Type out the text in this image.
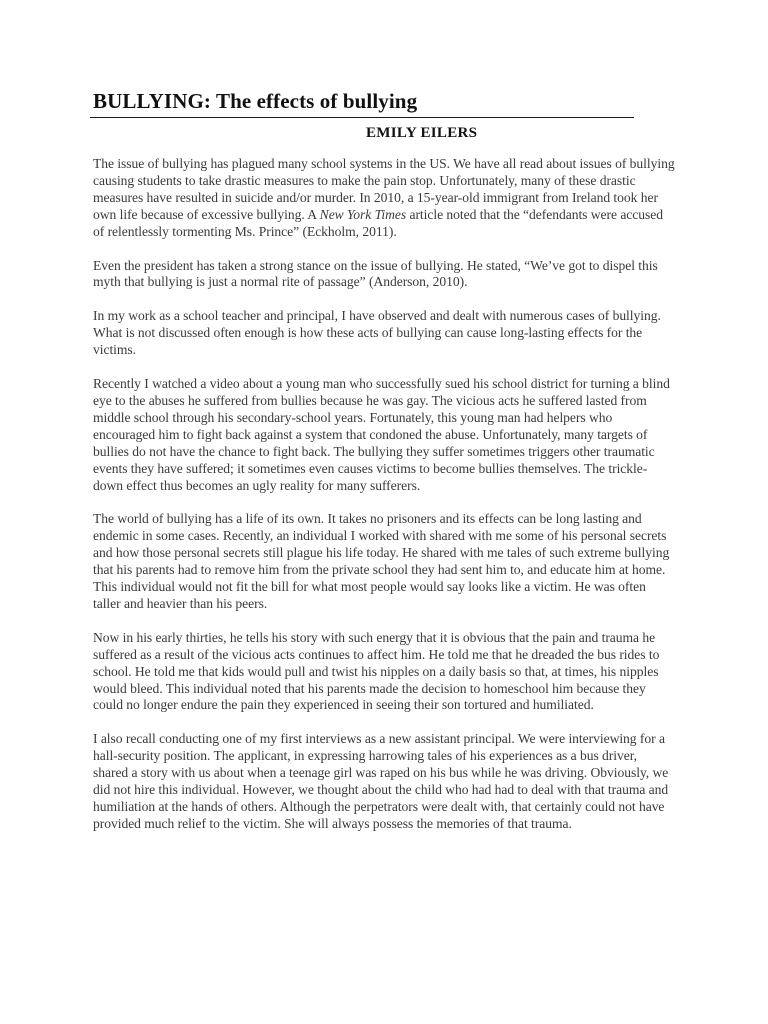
BULLYING: The effects of bullying
EMILY EILERS

The issue of bullying has plagued many school systems in the US. We have all read about issues of bullying causing students to take drastic measures to make the pain stop. Unfortunately, many of these drastic measures have resulted in suicide and/or murder. In 2010, a 15-year-old immigrant from Ireland took her own life because of excessive bullying. A New York Times article noted that the “defendants were accused of relentlessly tormenting Ms. Prince” (Eckholm, 2011).

Even the president has taken a strong stance on the issue of bullying. He stated, “We’ve got to dispel this myth that bullying is just a normal rite of passage” (Anderson, 2010).

In my work as a school teacher and principal, I have observed and dealt with numerous cases of bullying. What is not discussed often enough is how these acts of bullying can cause long-lasting effects for the victims.

Recently I watched a video about a young man who successfully sued his school district for turning a blind eye to the abuses he suffered from bullies because he was gay. The vicious acts he suffered lasted from middle school through his secondary-school years. Fortunately, this young man had helpers who encouraged him to fight back against a system that condoned the abuse. Unfortunately, many targets of bullies do not have the chance to fight back. The bullying they suffer sometimes triggers other traumatic events they have suffered; it sometimes even causes victims to become bullies themselves. The trickle-down effect thus becomes an ugly reality for many sufferers.

The world of bullying has a life of its own. It takes no prisoners and its effects can be long lasting and endemic in some cases. Recently, an individual I worked with shared with me some of his personal secrets and how those personal secrets still plague his life today. He shared with me tales of such extreme bullying that his parents had to remove him from the private school they had sent him to, and educate him at home. This individual would not fit the bill for what most people would say looks like a victim. He was often taller and heavier than his peers.

Now in his early thirties, he tells his story with such energy that it is obvious that the pain and trauma he suffered as a result of the vicious acts continues to affect him. He told me that he dreaded the bus rides to school. He told me that kids would pull and twist his nipples on a daily basis so that, at times, his nipples would bleed. This individual noted that his parents made the decision to homeschool him because they could no longer endure the pain they experienced in seeing their son tortured and humiliated.

I also recall conducting one of my first interviews as a new assistant principal. We were interviewing for a hall-security position. The applicant, in expressing harrowing tales of his experiences as a bus driver, shared a story with us about when a teenage girl was raped on his bus while he was driving. Obviously, we did not hire this individual. However, we thought about the child who had had to deal with that trauma and humiliation at the hands of others. Although the perpetrators were dealt with, that certainly could not have provided much relief to the victim. She will always possess the memories of that trauma.
